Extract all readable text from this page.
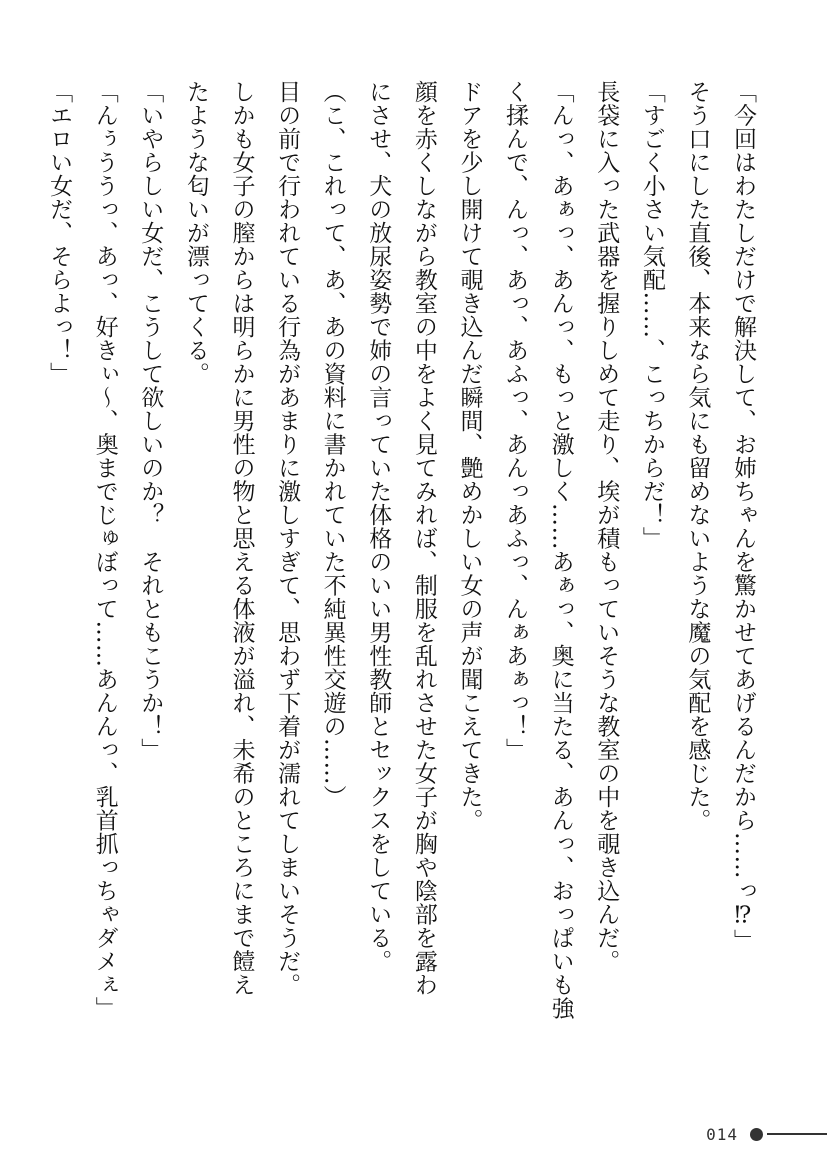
「今回はわたしだけで解決して、お姉ちゃんを驚かせてあげるんだから……っ⁉」
そう口にした直後、本来なら気にも留めないような魔の気配を感じた。
「すごく小さい気配……、こっちからだ！」
長袋に入った武器を握りしめて走り、埃が積もっていそうな教室の中を覗き込んだ。
「んっ、あぁっ、あんっ、もっと激しく……あぁっ、奥に当たる、あんっ、おっぱいも強
く揉んで、んっ、あっ、あふっ、あんっあふっ、んぁあぁっ！」
ドアを少し開けて覗き込んだ瞬間、艶めかしい女の声が聞こえてきた。
顔を赤くしながら教室の中をよく見てみれば、制服を乱れさせた女子が胸や陰部を露わ
にさせ、犬の放尿姿勢で姉の言っていた体格のいい男性教師とセックスをしている。
（こ、これって、あ、あの資料に書かれていた不純異性交遊の……）
目の前で行われている行為があまりに激しすぎて、思わず下着が濡れてしまいそうだ。
しかも女子の膣からは明らかに男性の物と思える体液が溢れ、未希のところにまで饐え
たような匂いが漂ってくる。
「いやらしい女だ、こうして欲しいのか？　それともこうか！」
「んぅううっ、あっ、好きぃ〜、奥までじゅぼって……あんんっ、乳首抓っちゃダメぇ」
「エロい女だ、そらよっ！」
014
